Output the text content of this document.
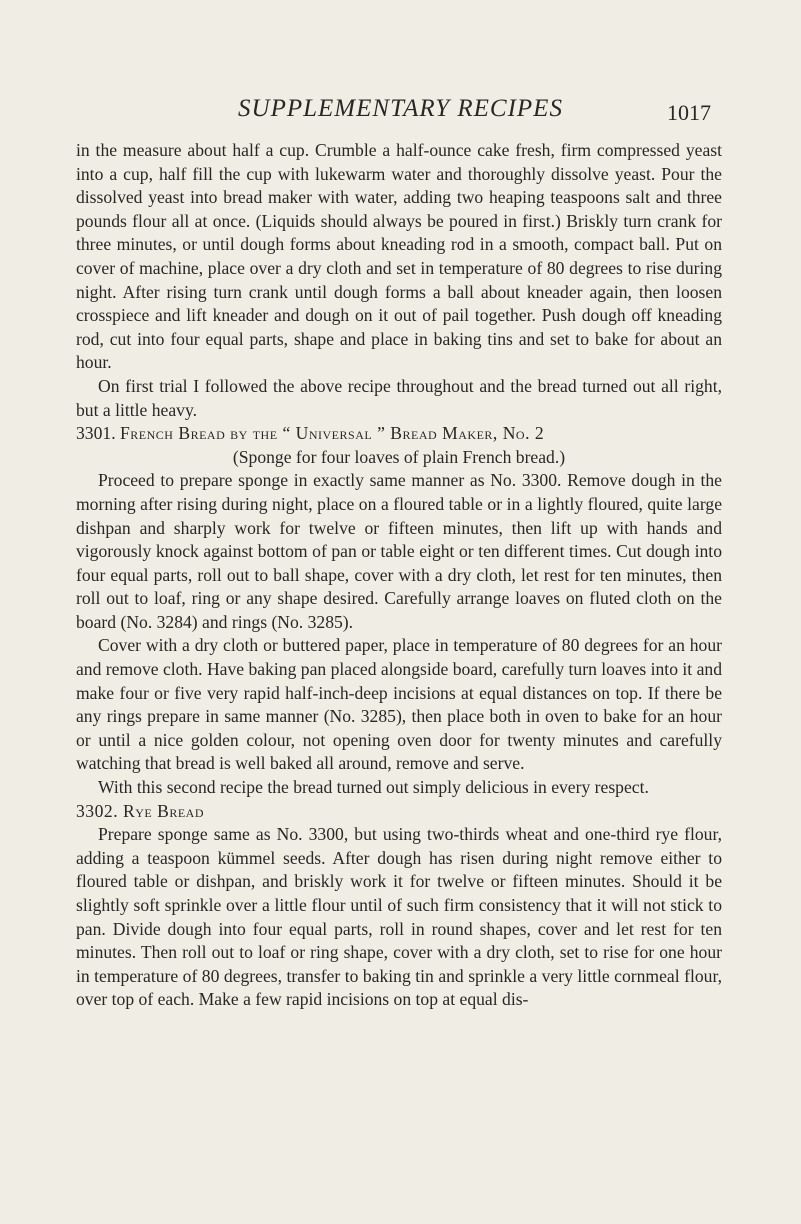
SUPPLEMENTARY RECIPES	1017

in the measure about half a cup. Crumble a half-ounce cake fresh, firm compressed yeast into a cup, half fill the cup with lukewarm water and thoroughly dissolve yeast. Pour the dissolved yeast into bread maker with water, adding two heaping teaspoons salt and three pounds flour all at once. (Liquids should always be poured in first.) Briskly turn crank for three minutes, or until dough forms about kneading rod in a smooth, compact ball. Put on cover of machine, place over a dry cloth and set in temperature of 80 degrees to rise during night. After rising turn crank until dough forms a ball about kneader again, then loosen crosspiece and lift kneader and dough on it out of pail together. Push dough off kneading rod, cut into four equal parts, shape and place in baking tins and set to bake for about an hour.

On first trial I followed the above recipe throughout and the bread turned out all right, but a little heavy.

3301. French Bread by the “ Universal ” Bread Maker, No. 2

(Sponge for four loaves of plain French bread.)

Proceed to prepare sponge in exactly same manner as No. 3300. Remove dough in the morning after rising during night, place on a floured table or in a lightly floured, quite large dishpan and sharply work for twelve or fifteen minutes, then lift up with hands and vigorously knock against bottom of pan or table eight or ten different times. Cut dough into four equal parts, roll out to ball shape, cover with a dry cloth, let rest for ten minutes, then roll out to loaf, ring or any shape desired. Carefully arrange loaves on fluted cloth on the board (No. 3284) and rings (No. 3285).

Cover with a dry cloth or buttered paper, place in temperature of 80 degrees for an hour and remove cloth. Have baking pan placed alongside board, carefully turn loaves into it and make four or five very rapid half-inch-deep incisions at equal distances on top. If there be any rings prepare in same manner (No. 3285), then place both in oven to bake for an hour or until a nice golden colour, not opening oven door for twenty minutes and carefully watching that bread is well baked all around, remove and serve.

With this second recipe the bread turned out simply delicious in every respect.

3302. Rye Bread

Prepare sponge same as No. 3300, but using two-thirds wheat and one-third rye flour, adding a teaspoon kümmel seeds. After dough has risen during night remove either to floured table or dishpan, and briskly work it for twelve or fifteen minutes. Should it be slightly soft sprinkle over a little flour until of such firm consistency that it will not stick to pan. Divide dough into four equal parts, roll in round shapes, cover and let rest for ten minutes. Then roll out to loaf or ring shape, cover with a dry cloth, set to rise for one hour in temperature of 80 degrees, transfer to baking tin and sprinkle a very little cornmeal flour, over top of each. Make a few rapid incisions on top at equal dis-
